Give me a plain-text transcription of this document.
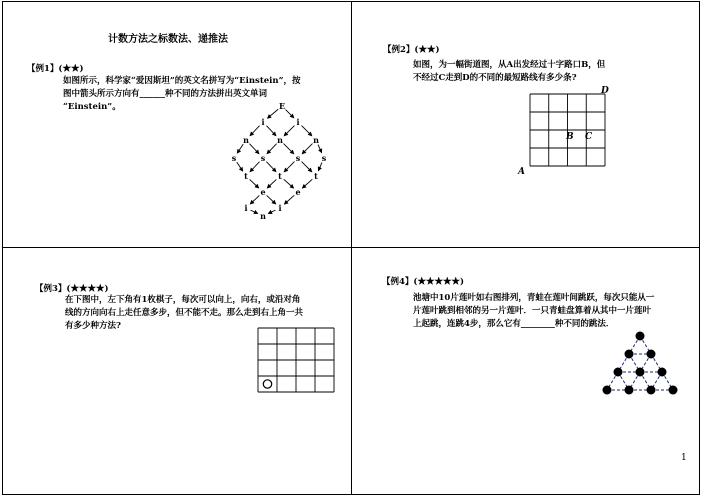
计数方法之标数法、递推法
【例1】(★★)
如图所示，科学家“爱因斯坦”的英文名拼写为“Einstein”，按
图中箭头所示方向有______种不同的方法拼出英文单词
“Einstein”。	E
i	i
n	n	n
s	s	s	s
t	t	t
e	e
i	i
n
【例2】(★★)
如图，为一幅街道图，从A出发经过十字路口B，但
不经过C走到D的不同的最短路线有多少条?
D
B C
A
【例3】(★★★★)
在下图中，左下角有1枚棋子，每次可以向上，向右，或沿对角
线的方向向右上走任意多步，但不能不走。那么走到右上角一共
有多少种方法?
【例4】(★★★★★)
池塘中10片莲叶如右图排列，青蛙在莲叶间跳跃，每次只能从一
片莲叶跳到相邻的另一片莲叶．一只青蛙盘算着从其中一片莲叶
上起跳，连跳4步，那么它有________种不同的跳法．
1
